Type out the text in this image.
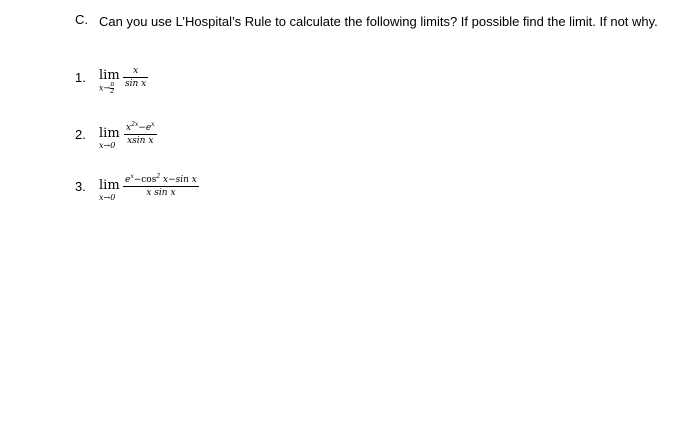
C. Can you use L’Hospital’s Rule to calculate the following limits? If possible find the limit. If not why.
1. lim
$x\to \frac{\pi}{2}$
x
sin x
2. lim
x→0
$x^{2x}-e^x$
xsin x
3. lim
x→0
$e^x-\cos^2$ x−sin x
x sin x
